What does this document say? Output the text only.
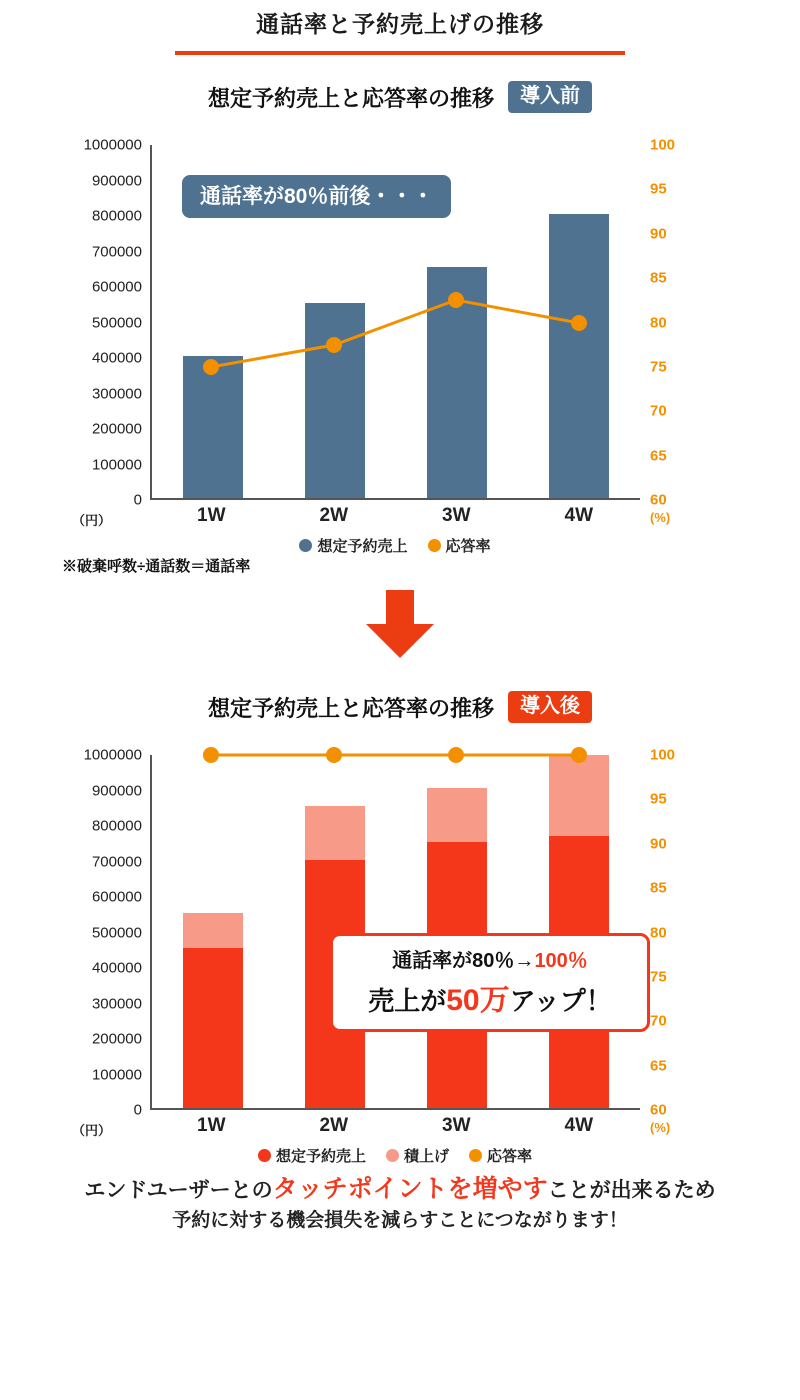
通話率と予約売上げの推移
想定予約売上と応答率の推移	導入前
1000000
900000
800000
700000
600000
500000
400000
300000
200000
100000
0
100
95
90
85
80
75
70
65
60
通話率が80％前後・・・
1W	2W	3W	4W
（円）	(%)
想定予約売上	応答率
※破棄呼数÷通話数＝通話率
想定予約売上と応答率の推移	導入後
1000000
900000
800000
700000
600000
500000
400000
300000
200000
100000
0
100
95
90
85
80
75
70
65
60
通話率が80％→100％
売上が50万アップ！
1W	2W	3W	4W
（円）	(%)
想定予約売上	積上げ	応答率
エンドユーザーとのタッチポイントを増やすことが出来るため
予約に対する機会損失を減らすことにつながります！
